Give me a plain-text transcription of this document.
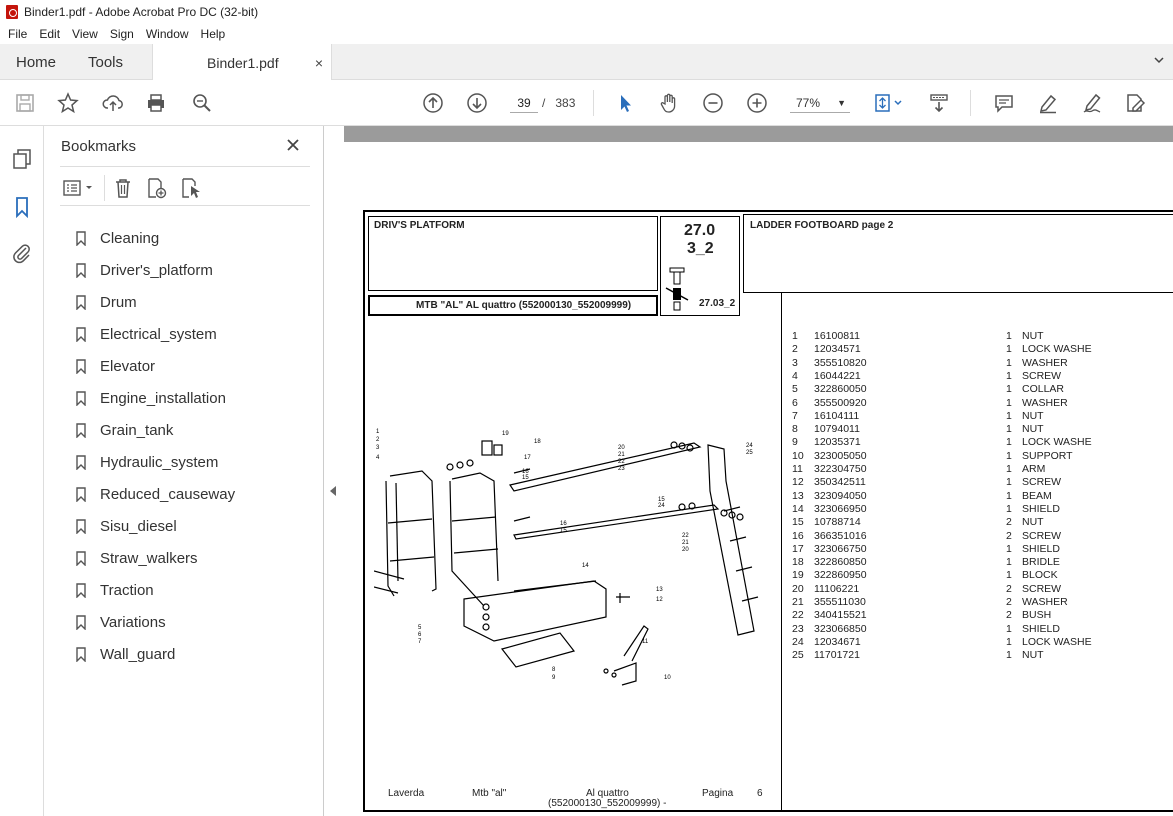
Binder1.pdf - Adobe Acrobat Pro DC (32-bit)
File Edit View Sign Window Help
Home Tools	Binder1.pdf	×
39 / 383	77% ▼
Bookmarks
Cleaning
Driver's_platform
Drum
Electrical_system
Elevator
Engine_installation
Grain_tank
Hydraulic_system
Reduced_causeway
Sisu_diesel
Straw_walkers
Traction
Variations
Wall_guard
DRIV'S PLATFORM
MTB "AL" AL quattro (552000130_552009999)
27.0
3_2
27.03_2
LADDER FOOTBOARD page 2
1 16100811	1 NUT
2 12034571	1 LOCK WASHE
3 355510820	1 WASHER
4 16044221	1 SCREW
5 322860050	1 COLLAR
6 355500920	1 WASHER
7 16104111	1 NUT
8 10794011	1 NUT
9 12035371	1 LOCK WASHE
10 323005050	1 SUPPORT
11 322304750	1 ARM
12 350342511	1 SCREW
13 323094050	1 BEAM
14 323066950	1 SHIELD
15 10788714	2 NUT
16 366351016	2 SCREW
17 323066750	1 SHIELD
18 322860850	1 BRIDLE
19 322860950	1 BLOCK
20 11106221	2 SCREW
21 355511030	2 WASHER
22 340415521	2 BUSH
23 323066850	1 SHIELD
24 12034671	1 LOCK WASHE
25 11701721	1 NUT
1
2
3
4
19
18
17
16
15
20
21
22
23
24
25
15
24
16
15
22
21
20
14
13
12
11
5
6
7
8
9	10
Laverda	Mtb "al"	Al quattro
(552000130_552009999) -
Pagina 6
